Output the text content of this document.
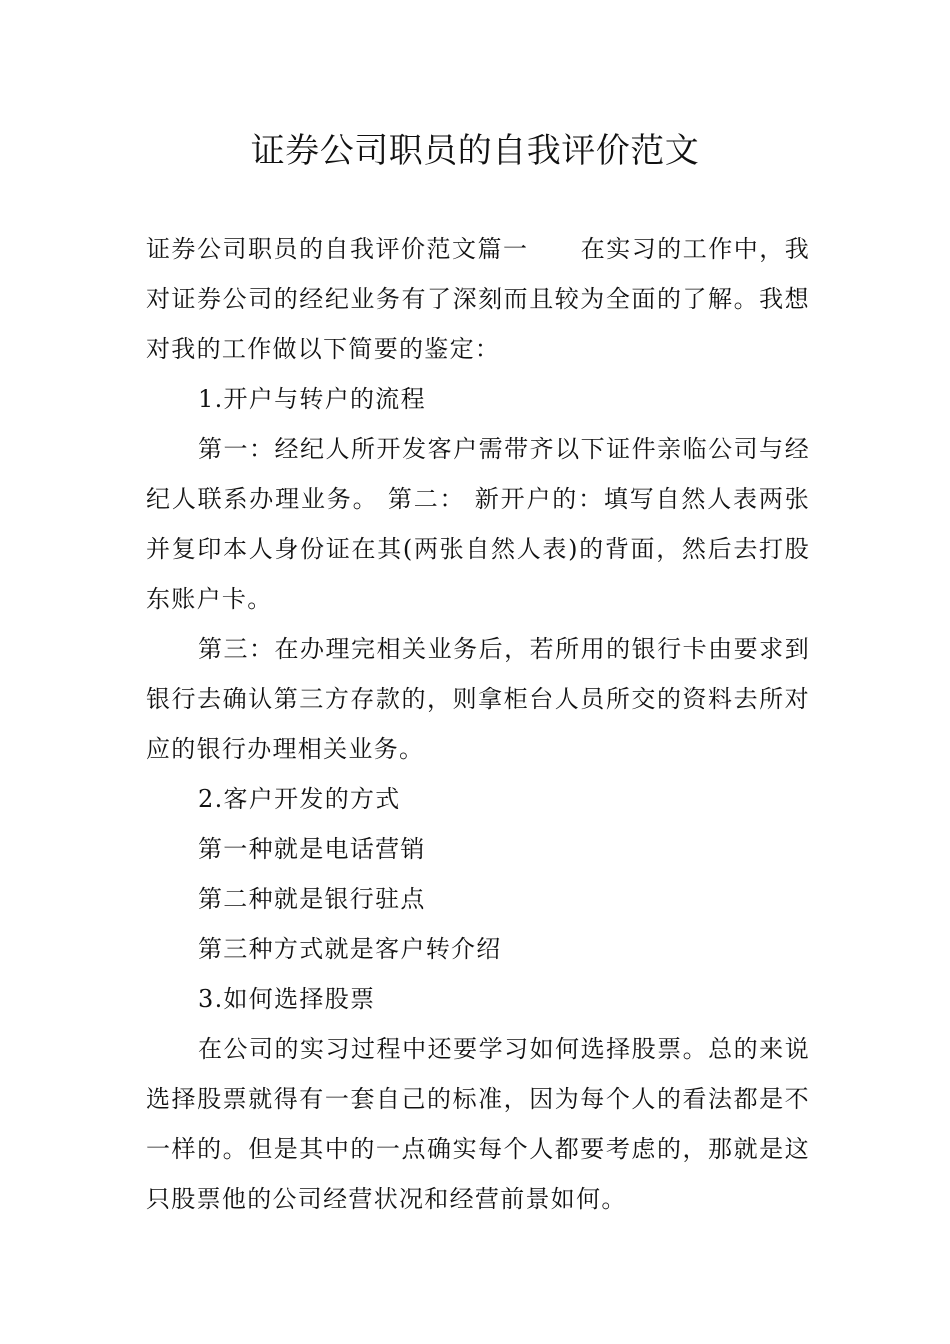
证券公司职员的自我评价范文

证券公司职员的自我评价范文篇一 在实习的工作中，我对证券公司的经纪业务有了深刻而且较为全面的了解。我想对我的工作做以下简要的鉴定：

1.开户与转户的流程

第一：经纪人所开发客户需带齐以下证件亲临公司与经纪人联系办理业务。 第二： 新开户的：填写自然人表两张并复印本人身份证在其(两张自然人表)的背面，然后去打股东账户卡。

第三：在办理完相关业务后，若所用的银行卡由要求到银行去确认第三方存款的，则拿柜台人员所交的资料去所对应的银行办理相关业务。

2.客户开发的方式

第一种就是电话营销

第二种就是银行驻点

第三种方式就是客户转介绍

3.如何选择股票

在公司的实习过程中还要学习如何选择股票。总的来说选择股票就得有一套自己的标准，因为每个人的看法都是不一样的。但是其中的一点确实每个人都要考虑的，那就是这只股票他的公司经营状况和经营前景如何。
